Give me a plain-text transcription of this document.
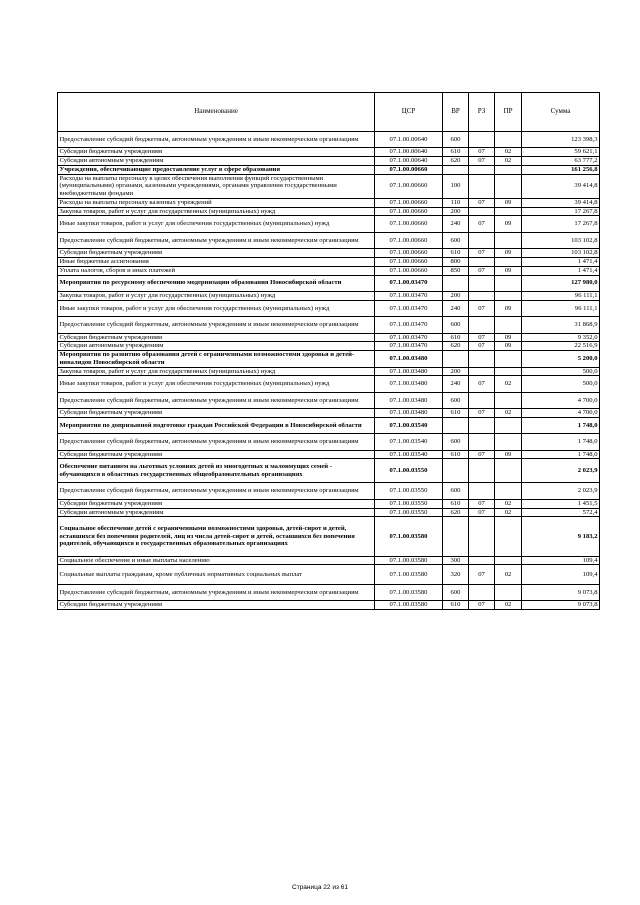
Наименование	ЦСР	ВР	РЗ	ПР	Сумма
Предоставление субсидий бюджетным, автономным учреждениям и иным некоммерческим организациям	07.1.00.00640	600			123 398,3
Субсидии бюджетным учреждениям	07.1.00.00640	610	07	02	59 621,1
Субсидии автономным учреждениям	07.1.00.00640	620	07	02	63 777,2
Учреждения, обеспечивающие предоставление услуг в сфере образования	07.1.00.00660				161 256,8
Расходы на выплаты персоналу в целях обеспечения выполнения функций государственными (муниципальными) органами, казенными учреждениями, органами управления государственными внебюджетными фондами	07.1.00.00660	100			39 414,8
Расходы на выплаты персоналу казенных учреждений	07.1.00.00660	110	07	09	39 414,8
Закупка товаров, работ и услуг для государственных (муниципальных) нужд	07.1.00.00660	200			17 267,8
Иные закупки товаров, работ и услуг для обеспечения государственных (муниципальных) нужд	07.1.00.00660	240	07	09	17 267,8
Предоставление субсидий бюджетным, автономным учреждениям и иным некоммерческим организациям	07.1.00.00660	600			103 102,8
Субсидии бюджетным учреждениям	07.1.00.00660	610	07	09	103 102,8
Иные бюджетные ассигнования	07.1.00.00660	800			1 471,4
Уплата налогов, сборов и иных платежей	07.1.00.00660	850	07	09	1 471,4
Мероприятия по ресурсному обеспечению модернизации образования Новосибирской области	07.1.00.03470				127 980,0
Закупка товаров, работ и услуг для государственных (муниципальных) нужд	07.1.00.03470	200			96 111,1
Иные закупки товаров, работ и услуг для обеспечения государственных (муниципальных) нужд	07.1.00.03470	240	07	09	96 111,1
Предоставление субсидий бюджетным, автономным учреждениям и иным некоммерческим организациям	07.1.00.03470	600			31 868,9
Субсидии бюджетным учреждениям	07.1.00.03470	610	07	09	9 352,0
Субсидии автономным учреждениям	07.1.00.03470	620	07	09	22 516,9
Мероприятия по развитию образования детей с ограниченными возможностями здоровья и детей-инвалидов Новосибирской области	07.1.00.03480				5 200,0
Закупка товаров, работ и услуг для государственных (муниципальных) нужд	07.1.00.03480	200			500,0
Иные закупки товаров, работ и услуг для обеспечения государственных (муниципальных) нужд	07.1.00.03480	240	07	02	500,0
Предоставление субсидий бюджетным, автономным учреждениям и иным некоммерческим организациям	07.1.00.03480	600			4 700,0
Субсидии бюджетным учреждениям	07.1.00.03480	610	07	02	4 700,0
Мероприятия по допризывной подготовке граждан Российской Федерации в Новосибирской области	07.1.00.03540				1 748,0
Предоставление субсидий бюджетным, автономным учреждениям и иным некоммерческим организациям	07.1.00.03540	600			1 748,0
Субсидии бюджетным учреждениям	07.1.00.03540	610	07	09	1 748,0
Обеспечение питанием на льготных условиях детей из многодетных и малоимущих семей - обучающихся в областных государственных общеобразовательных организациях	07.1.00.03550				2 023,9
Предоставление субсидий бюджетным, автономным учреждениям и иным некоммерческим организациям	07.1.00.03550	600			2 023,9
Субсидии бюджетным учреждениям	07.1.00.03550	610	07	02	1 451,5
Субсидии автономным учреждениям	07.1.00.03550	620	07	02	572,4
Социальное обеспечение детей с ограниченными возможностями здоровья, детей-сирот и детей, оставшихся без попечения родителей, лиц из числа детей-сирот и детей, оставшихся без попечения родителей, обучающихся в государственных образовательных организациях	07.1.00.03580				9 183,2
Социальное обеспечение и иные выплаты населению	07.1.00.03580	300			109,4
Социальные выплаты гражданам, кроме публичных нормативных социальных выплат	07.1.00.03580	320	07	02	109,4
Предоставление субсидий бюджетным, автономным учреждениям и иным некоммерческим организациям	07.1.00.03580	600			9 073,8
Субсидии бюджетным учреждениям	07.1.00.03580	610	07	02	9 073,8
Страница 22 из 61
